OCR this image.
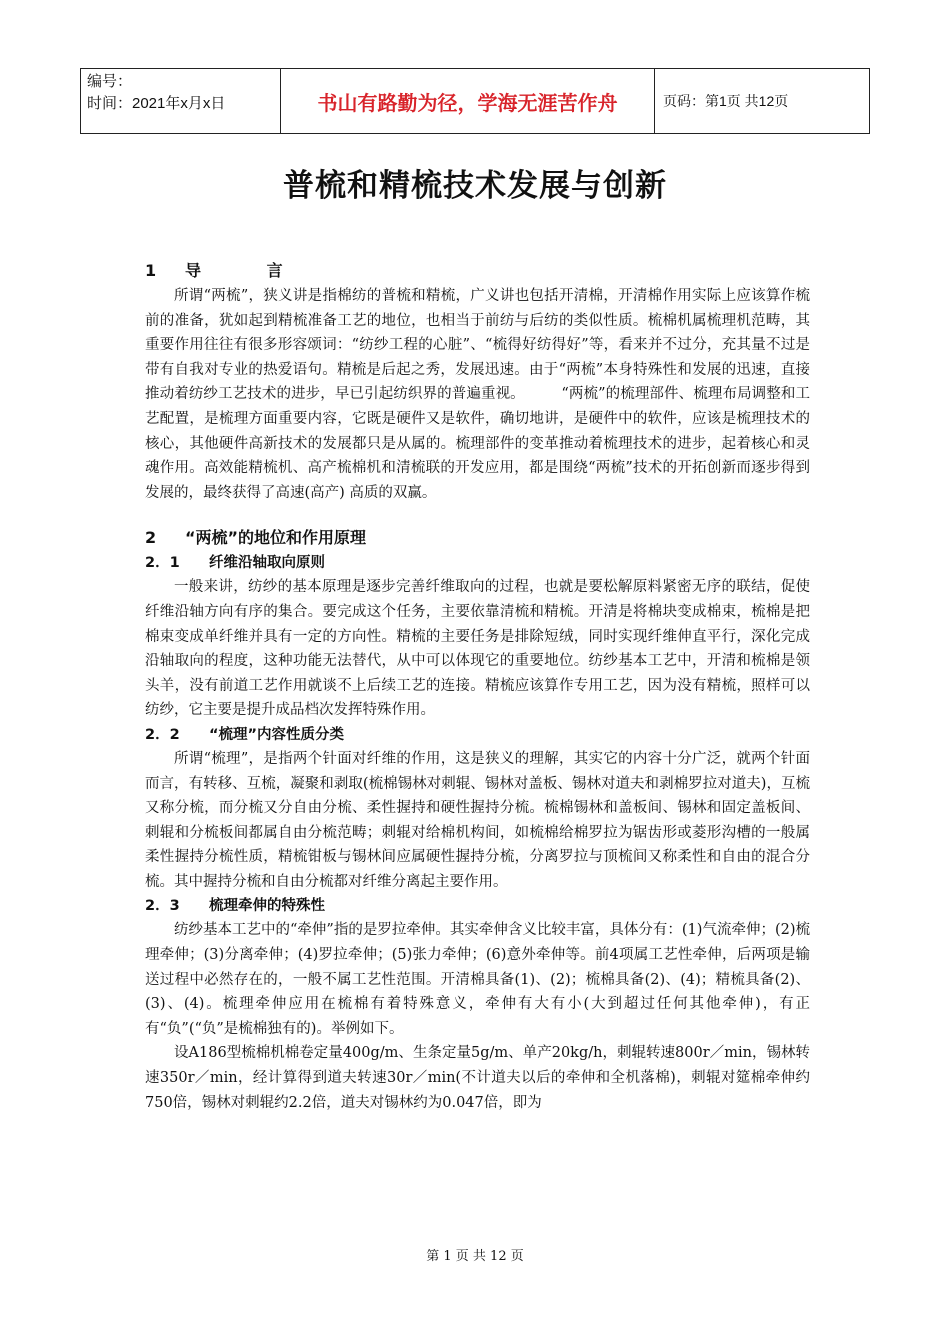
编号：
时间：2021年x月x日	书山有路勤为径，学海无涯苦作舟	页码：第1页 共12页
普梳和精梳技术发展与创新
1	导 言

所谓“两梳”，狭义讲是指棉纺的普梳和精梳，广义讲也包括开清棉，开清棉作用实际上应该算作梳前的准备，犹如起到精梳准备工艺的地位，也相当于前纺与后纺的类似性质。梳棉机属梳理机范畴，其重要作用往往有很多形容颂词：“纺纱工程的心脏”、“梳得好纺得好”等，看来并不过分，充其量不过是带有自我对专业的热爱语句。精梳是后起之秀，发展迅速。由于“两梳”本身特殊性和发展的迅速，直接推动着纺纱工艺技术的进步，早已引起纺织界的普遍重视。　　　“两梳”的梳理部件、梳理布局调整和工艺配置，是梳理方面重要内容，它既是硬件又是软件，确切地讲，是硬件中的软件，应该是梳理技术的核心，其他硬件高新技术的发展都只是从属的。梳理部件的变革推动着梳理技术的进步，起着核心和灵魂作用。高效能精梳机、高产梳棉机和清梳联的开发应用，都是围绕“两梳”技术的开拓创新而逐步得到发展的，最终获得了高速(高产) 高质的双赢。

2	“两梳”的地位和作用原理
2．1	纤维沿轴取向原则

一般来讲，纺纱的基本原理是逐步完善纤维取向的过程，也就是要松解原料紧密无序的联结，促使纤维沿轴方向有序的集合。要完成这个任务，主要依靠清梳和精梳。开清是将棉块变成棉束，梳棉是把棉束变成单纤维并具有一定的方向性。精梳的主要任务是排除短绒，同时实现纤维伸直平行，深化完成沿轴取向的程度，这种功能无法替代，从中可以体现它的重要地位。纺纱基本工艺中，开清和梳棉是领头羊，没有前道工艺作用就谈不上后续工艺的连接。精梳应该算作专用工艺，因为没有精梳，照样可以纺纱，它主要是提升成品档次发挥特殊作用。

2．2	“梳理”内容性质分类

所谓“梳理”，是指两个针面对纤维的作用，这是狭义的理解，其实它的内容十分广泛，就两个针面而言，有转移、互梳，凝聚和剥取(梳棉锡林对刺辊、锡林对盖板、锡林对道夫和剥棉罗拉对道夫)，互梳又称分梳，而分梳又分自由分梳、柔性握持和硬性握持分梳。梳棉锡林和盖板间、锡林和固定盖板间、刺辊和分梳板间都属自由分梳范畴；刺辊对给棉机构间，如梳棉给棉罗拉为锯齿形或菱形沟槽的一般属柔性握持分梳性质，精梳钳板与锡林间应属硬性握持分梳，分离罗拉与顶梳间又称柔性和自由的混合分梳。其中握持分梳和自由分梳都对纤维分离起主要作用。

2．3	梳理牵伸的特殊性

纺纱基本工艺中的“牵伸”指的是罗拉牵伸。其实牵伸含义比较丰富，具体分有：(1)气流牵伸；(2)梳理牵伸；(3)分离牵伸；(4)罗拉牵伸；(5)张力牵伸；(6)意外牵伸等。前4项属工艺性牵伸，后两项是输送过程中必然存在的，一般不属工艺性范围。开清棉具备(1)、(2)；梳棉具备(2)、(4)；精梳具备(2)、(3)、(4)。梳理牵伸应用在梳棉有着特殊意义，牵伸有大有小(大到超过任何其他牵伸)，有正有“负”(“负”是梳棉独有的)。举例如下。

设A186型梳棉机棉卷定量400g/m、生条定量5g/m、单产20kg/h，刺辊转速800r／min，锡林转速350r／min，经计算得到道夫转速30r／min(不计道夫以后的牵伸和全机落棉)，刺辊对筵棉牵伸约750倍，锡林对刺辊约2.2倍，道夫对锡林约为0.047倍，即为

第 1 页 共 12 页
